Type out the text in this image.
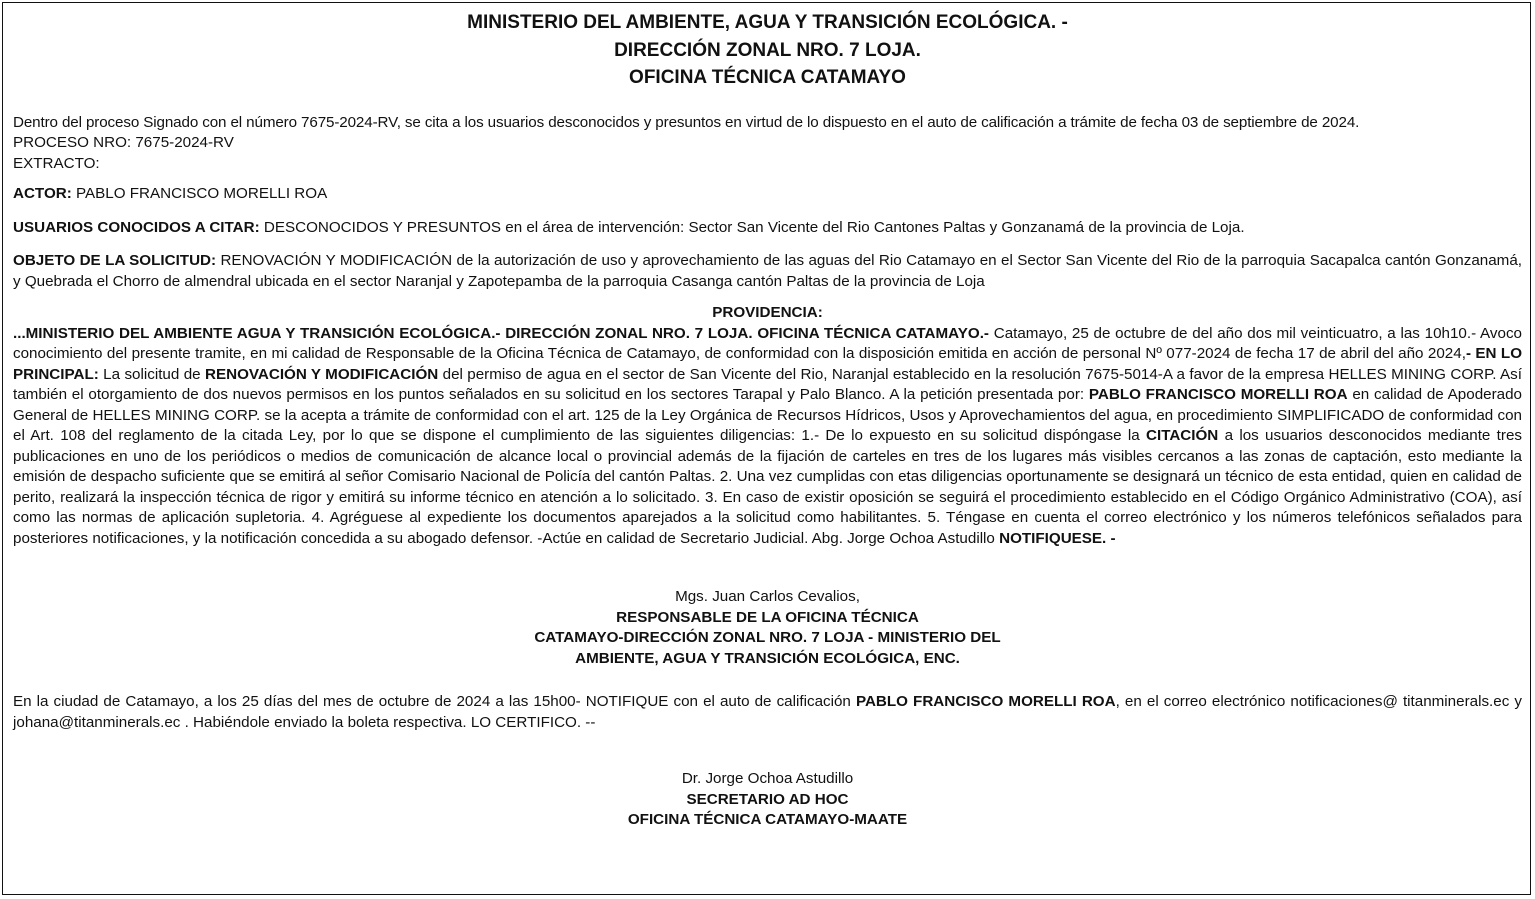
MINISTERIO DEL AMBIENTE, AGUA Y TRANSICIÓN ECOLÓGICA. -
DIRECCIÓN ZONAL NRO. 7 LOJA.
OFICINA TÉCNICA CATAMAYO
Dentro del proceso Signado con el número 7675-2024-RV, se cita a los usuarios desconocidos y presuntos en virtud de lo dispuesto en el auto de calificación a trámite de fecha 03 de septiembre de 2024.
PROCESO NRO: 7675-2024-RV
EXTRACTO:
ACTOR: PABLO FRANCISCO MORELLI ROA
USUARIOS CONOCIDOS A CITAR: DESCONOCIDOS Y PRESUNTOS en el área de intervención: Sector San Vicente del Rio Cantones Paltas y Gonzanamá de la provincia de Loja.
OBJETO DE LA SOLICITUD: RENOVACIÓN Y MODIFICACIÓN de la autorización de uso y aprovechamiento de las aguas del Rio Catamayo en el Sector San Vicente del Rio de la parroquia Sacapalca cantón Gonzanamá, y Quebrada el Chorro de almendral ubicada en el sector Naranjal y Zapotepamba de la parroquia Casanga cantón Paltas de la provincia de Loja
PROVIDENCIA:
...MINISTERIO DEL AMBIENTE AGUA Y TRANSICIÓN ECOLÓGICA.- DIRECCIÓN ZONAL NRO. 7 LOJA. OFICINA TÉCNICA CATAMAYO.- Catamayo, 25 de octubre de del año dos mil veinticuatro, a las 10h10.- Avoco conocimiento del presente tramite, en mi calidad de Responsable de la Oficina Técnica de Catamayo, de conformidad con la disposición emitida en acción de personal Nº 077-2024 de fecha 17 de abril del año 2024,- EN LO PRINCIPAL: La solicitud de RENOVACIÓN Y MODIFICACIÓN del permiso de agua en el sector de San Vicente del Rio, Naranjal establecido en la resolución 7675-5014-A a favor de la empresa HELLES MINING CORP. Así también el otorgamiento de dos nuevos permisos en los puntos señalados en su solicitud en los sectores Tarapal y Palo Blanco. A la petición presentada por: PABLO FRANCISCO MORELLI ROA en calidad de Apoderado General de HELLES MINING CORP. se la acepta a trámite de conformidad con el art. 125 de la Ley Orgánica de Recursos Hídricos, Usos y Aprovechamientos del agua, en procedimiento SIMPLIFICADO de conformidad con el Art. 108 del reglamento de la citada Ley, por lo que se dispone el cumplimiento de las siguientes diligencias: 1.- De lo expuesto en su solicitud dispóngase la CITACIÓN a los usuarios desconocidos mediante tres publicaciones en uno de los periódicos o medios de comunicación de alcance local o provincial además de la fijación de carteles en tres de los lugares más visibles cercanos a las zonas de captación, esto mediante la emisión de despacho suficiente que se emitirá al señor Comisario Nacional de Policía del cantón Paltas. 2. Una vez cumplidas con etas diligencias oportunamente se designará un técnico de esta entidad, quien en calidad de perito, realizará la inspección técnica de rigor y emitirá su informe técnico en atención a lo solicitado. 3. En caso de existir oposición se seguirá el procedimiento establecido en el Código Orgánico Administrativo (COA), así como las normas de aplicación supletoria. 4. Agréguese al expediente los documentos aparejados a la solicitud como habilitantes. 5. Téngase en cuenta el correo electrónico y los números telefónicos señalados para posteriores notificaciones, y la notificación concedida a su abogado defensor. -Actúe en calidad de Secretario Judicial. Abg. Jorge Ochoa Astudillo NOTIFIQUESE. -
Mgs. Juan Carlos Cevalios,
RESPONSABLE DE LA OFICINA TÉCNICA
CATAMAYO-DIRECCIÓN ZONAL NRO. 7 LOJA - MINISTERIO DEL
AMBIENTE, AGUA Y TRANSICIÓN ECOLÓGICA, ENC.
En la ciudad de Catamayo, a los 25 días del mes de octubre de 2024 a las 15h00- NOTIFIQUE con el auto de calificación PABLO FRANCISCO MORELLI ROA, en el correo electrónico notificaciones@ titanminerals.ec y johana@titanminerals.ec . Habiéndole enviado la boleta respectiva. LO CERTIFICO. --
Dr. Jorge Ochoa Astudillo
SECRETARIO AD HOC
OFICINA TÉCNICA CATAMAYO-MAATE
